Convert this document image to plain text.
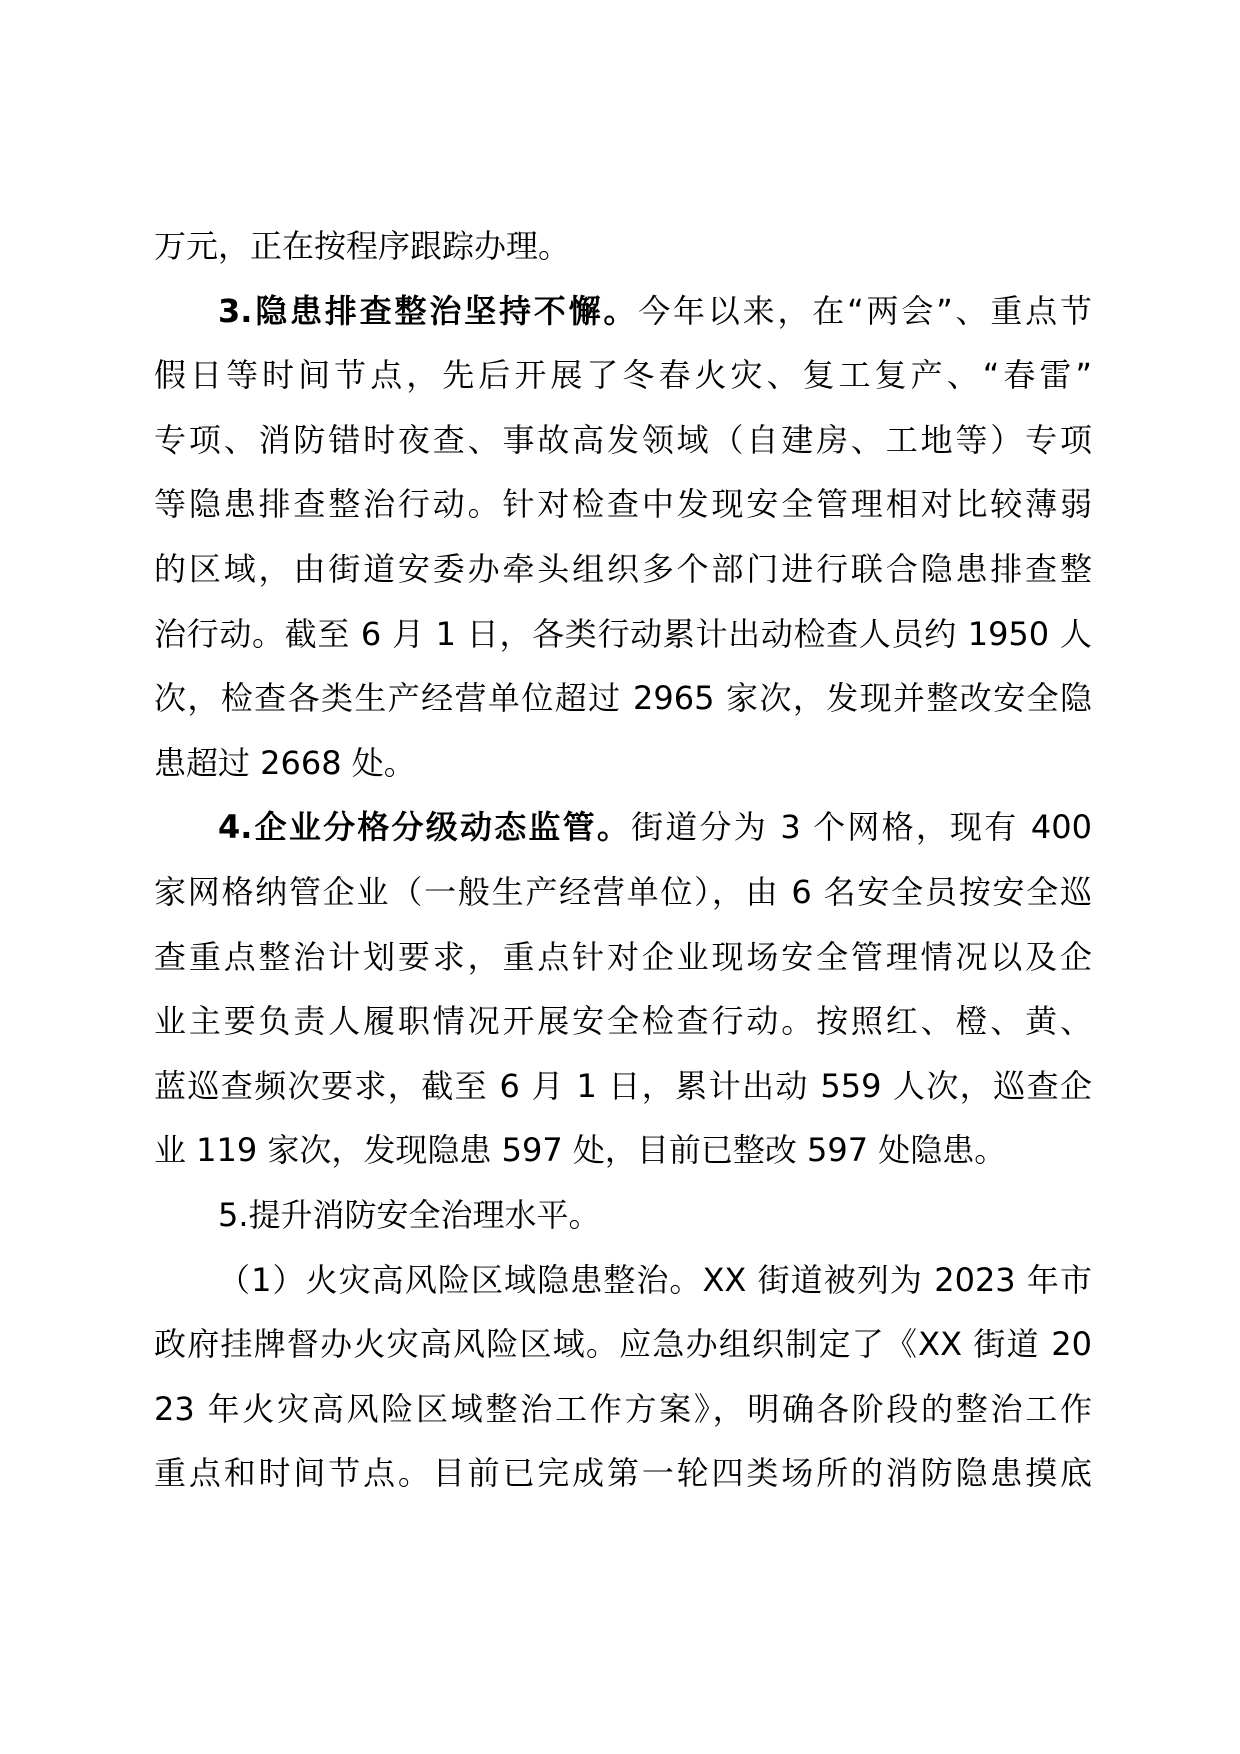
万元，正在按程序跟踪办理。
3.隐患排查整治坚持不懈。今年以来，在“两会”、重点节
假日等时间节点，先后开展了冬春火灾、复工复产、“春雷”
专项、消防错时夜查、事故高发领域（自建房、工地等）专项
等隐患排查整治行动。针对检查中发现安全管理相对比较薄弱
的区域，由街道安委办牵头组织多个部门进行联合隐患排查整
治行动。截至 6 月 1 日，各类行动累计出动检查人员约 1950 人
次，检查各类生产经营单位超过 2965 家次，发现并整改安全隐
患超过 2668 处。
4.企业分格分级动态监管。街道分为 3 个网格，现有 400
家网格纳管企业（一般生产经营单位），由 6 名安全员按安全巡
查重点整治计划要求，重点针对企业现场安全管理情况以及企
业主要负责人履职情况开展安全检查行动。按照红、橙、黄、
蓝巡查频次要求，截至 6 月 1 日，累计出动 559 人次，巡查企
业 119 家次，发现隐患 597 处，目前已整改 597 处隐患。
5.提升消防安全治理水平。
（1）火灾高风险区域隐患整治。XX 街道被列为 2023 年市
政府挂牌督办火灾高风险区域。应急办组织制定了《XX 街道 20
23 年火灾高风险区域整治工作方案》，明确各阶段的整治工作
重点和时间节点。目前已完成第一轮四类场所的消防隐患摸底
